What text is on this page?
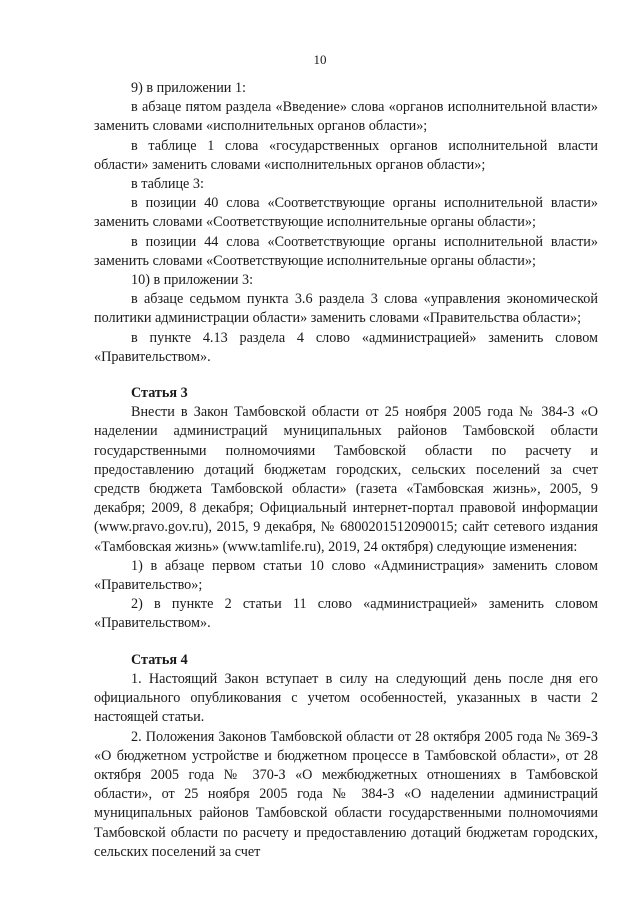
10

9) в приложении 1:

в абзаце пятом раздела «Введение» слова «органов исполнительной власти» заменить словами «исполнительных органов области»;

в таблице 1 слова «государственных органов исполнительной власти области» заменить словами «исполнительных органов области»;

в таблице 3:

в позиции 40 слова «Соответствующие органы исполнительной власти» заменить словами «Соответствующие исполнительные органы области»;

в позиции 44 слова «Соответствующие органы исполнительной власти» заменить словами «Соответствующие исполнительные органы области»;

10) в приложении 3:

в абзаце седьмом пункта 3.6 раздела 3 слова «управления экономической политики администрации области» заменить словами «Правительства области»;

в пункте 4.13 раздела 4 слово «администрацией» заменить словом «Правительством».

Статья 3

Внести в Закон Тамбовской области от 25 ноября 2005 года № 384-З «О наделении администраций муниципальных районов Тамбовской области государственными полномочиями Тамбовской области по расчету и предоставлению дотаций бюджетам городских, сельских поселений за счет средств бюджета Тамбовской области» (газета «Тамбовская жизнь», 2005, 9 декабря; 2009, 8 декабря; Официальный интернет-портал правовой информации (www.pravo.gov.ru), 2015, 9 декабря, № 6800201512090015; сайт сетевого издания «Тамбовская жизнь» (www.tamlife.ru), 2019, 24 октября) следующие изменения:

1) в абзаце первом статьи 10 слово «Администрация» заменить словом «Правительство»;

2) в пункте 2 статьи 11 слово «администрацией» заменить словом «Правительством».

Статья 4

1. Настоящий Закон вступает в силу на следующий день после дня его официального опубликования с учетом особенностей, указанных в части 2 настоящей статьи.

2. Положения Законов Тамбовской области от 28 октября 2005 года № 369-З «О бюджетном устройстве и бюджетном процессе в Тамбовской области», от 28 октября 2005 года № 370-З «О межбюджетных отношениях в Тамбовской области», от 25 ноября 2005 года № 384-З «О наделении администраций муниципальных районов Тамбовской области государственными полномочиями Тамбовской области по расчету и предоставлению дотаций бюджетам городских, сельских поселений за счет
